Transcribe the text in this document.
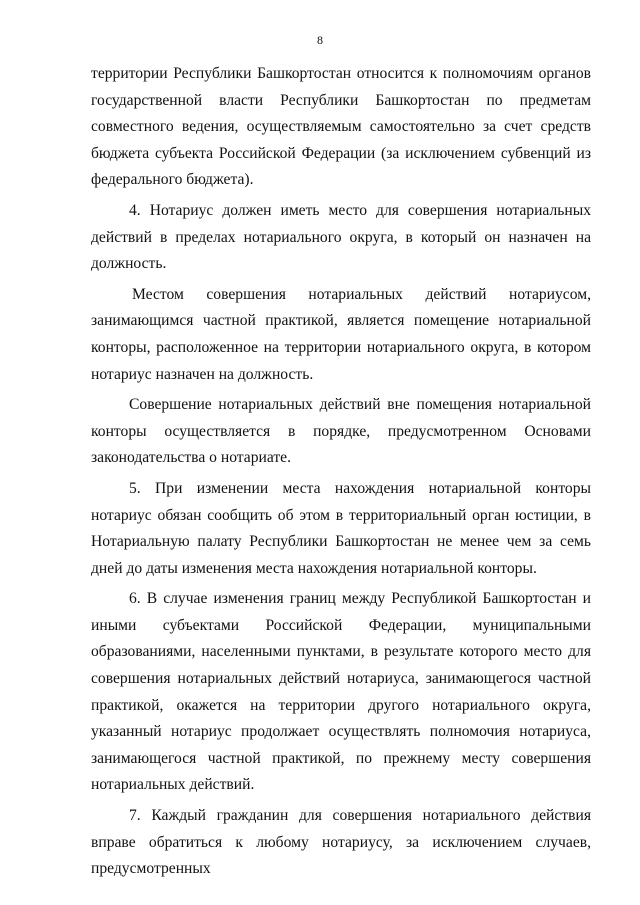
8

территории Республики Башкортостан относится к полномочиям органов государственной власти Республики Башкортостан по предметам совместного ведения, осуществляемым самостоятельно за счет средств бюджета субъекта Российской Федерации (за исключением субвенций из федерального бюджета).

4. Нотариус должен иметь место для совершения нотариальных действий в пределах нотариального округа, в который он назначен на должность.

Местом совершения нотариальных действий нотариусом, занимающимся частной практикой, является помещение нотариальной конторы, расположенное на территории нотариального округа, в котором нотариус назначен на должность.

Совершение нотариальных действий вне помещения нотариальной конторы осуществляется в порядке, предусмотренном Основами законодательства о нотариате.

5. При изменении места нахождения нотариальной конторы нотариус обязан сообщить об этом в территориальный орган юстиции, в Нотариальную палату Республики Башкортостан не менее чем за семь дней до даты изменения места нахождения нотариальной конторы.

6. В случае изменения границ между Республикой Башкортостан и иными субъектами Российской Федерации, муниципальными образованиями, населенными пунктами, в результате которого место для совершения нотариальных действий нотариуса, занимающегося частной практикой, окажется на территории другого нотариального округа, указанный нотариус продолжает осуществлять полномочия нотариуса, занимающегося частной практикой, по прежнему месту совершения нотариальных действий.

7. Каждый гражданин для совершения нотариального действия вправе обратиться к любому нотариусу, за исключением случаев, предусмотренных
